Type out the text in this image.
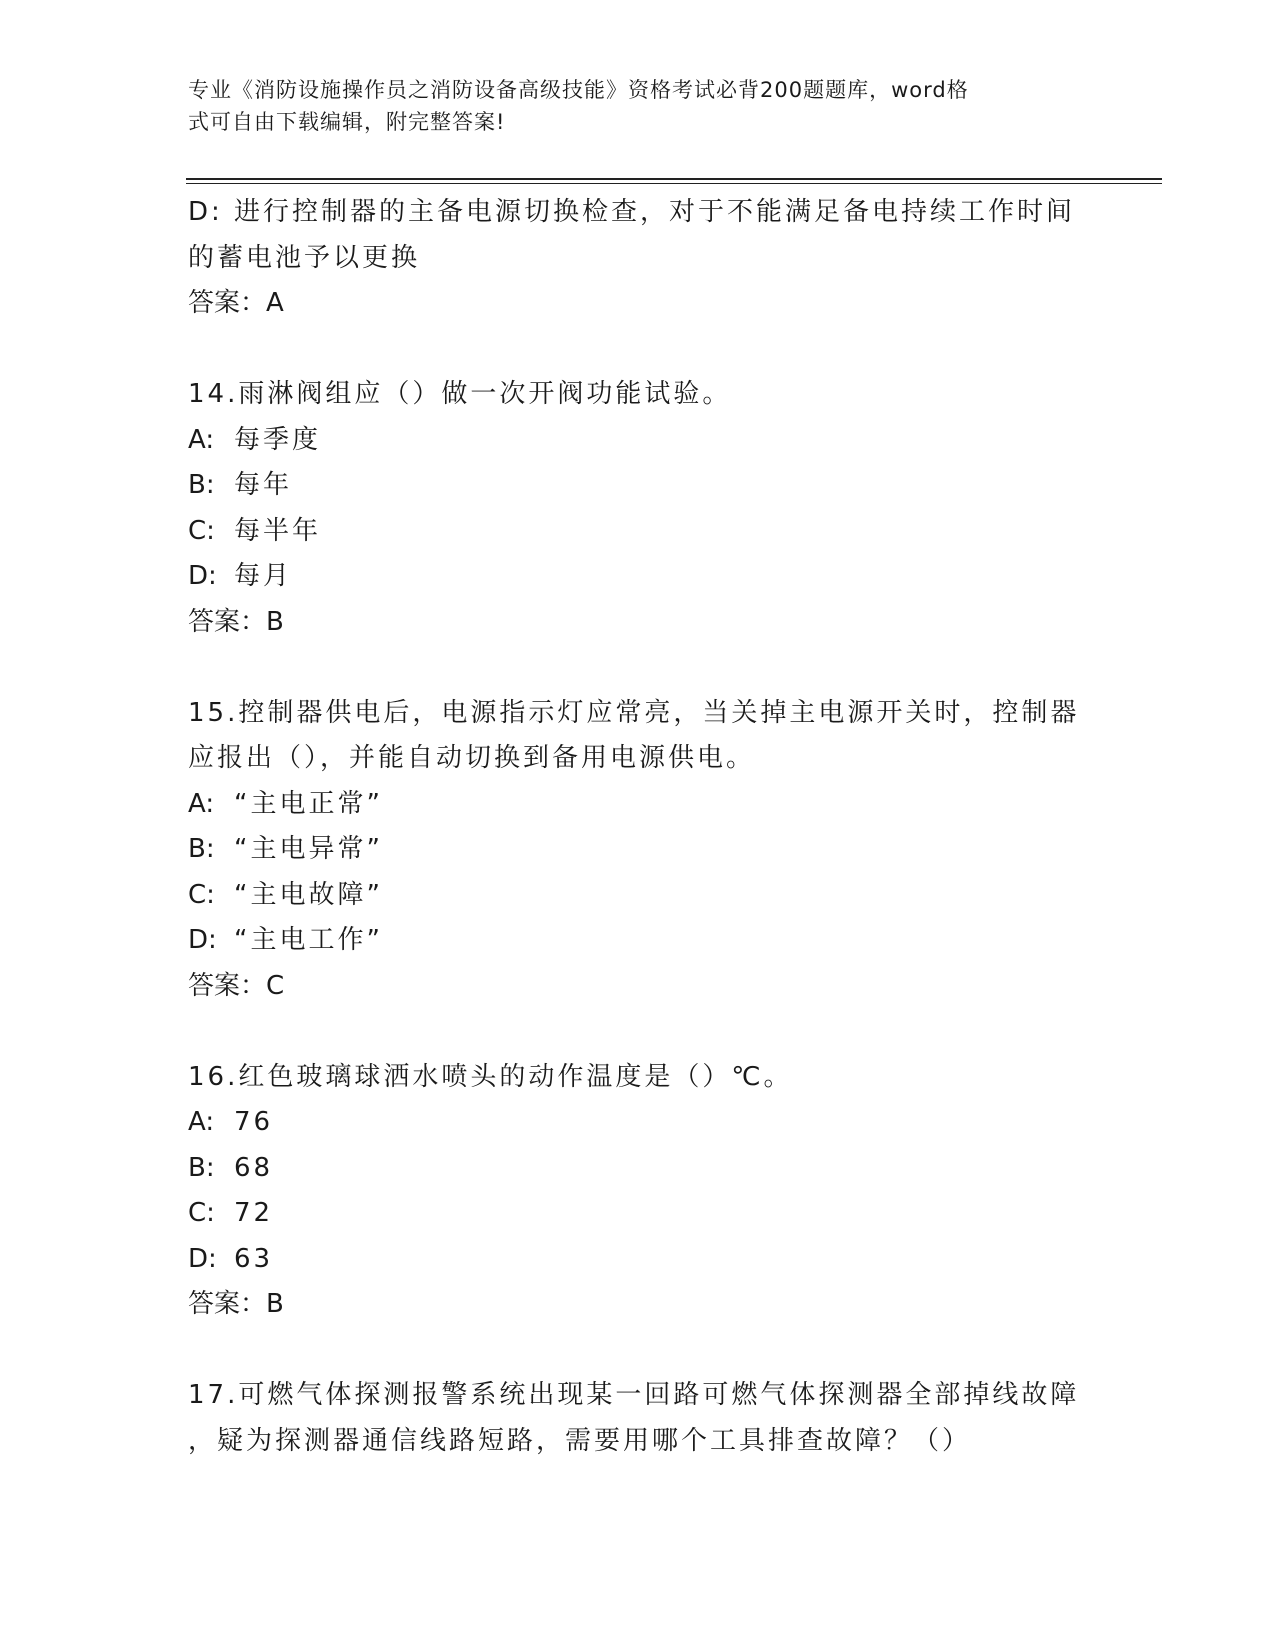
专业《消防设施操作员之消防设备高级技能》资格考试必背200题题库，word格
式可自由下载编辑，附完整答案!
D: 进行控制器的主备电源切换检查，对于不能满足备电持续工作时间
的蓄电池予以更换
答案：A
14.雨淋阀组应（）做一次开阀功能试验。
A: 每季度
B: 每年
C: 每半年
D: 每月
答案：B
15.控制器供电后，电源指示灯应常亮，当关掉主电源开关时，控制器
应报出（），并能自动切换到备用电源供电。
A: “主电正常”
B: “主电异常”
C: “主电故障”
D: “主电工作”
答案：C
16.红色玻璃球洒水喷头的动作温度是（）℃。
A: 76
B: 68
C: 72
D: 63
答案：B
17.可燃气体探测报警系统出现某一回路可燃气体探测器全部掉线故障
，疑为探测器通信线路短路，需要用哪个工具排查故障？（）
